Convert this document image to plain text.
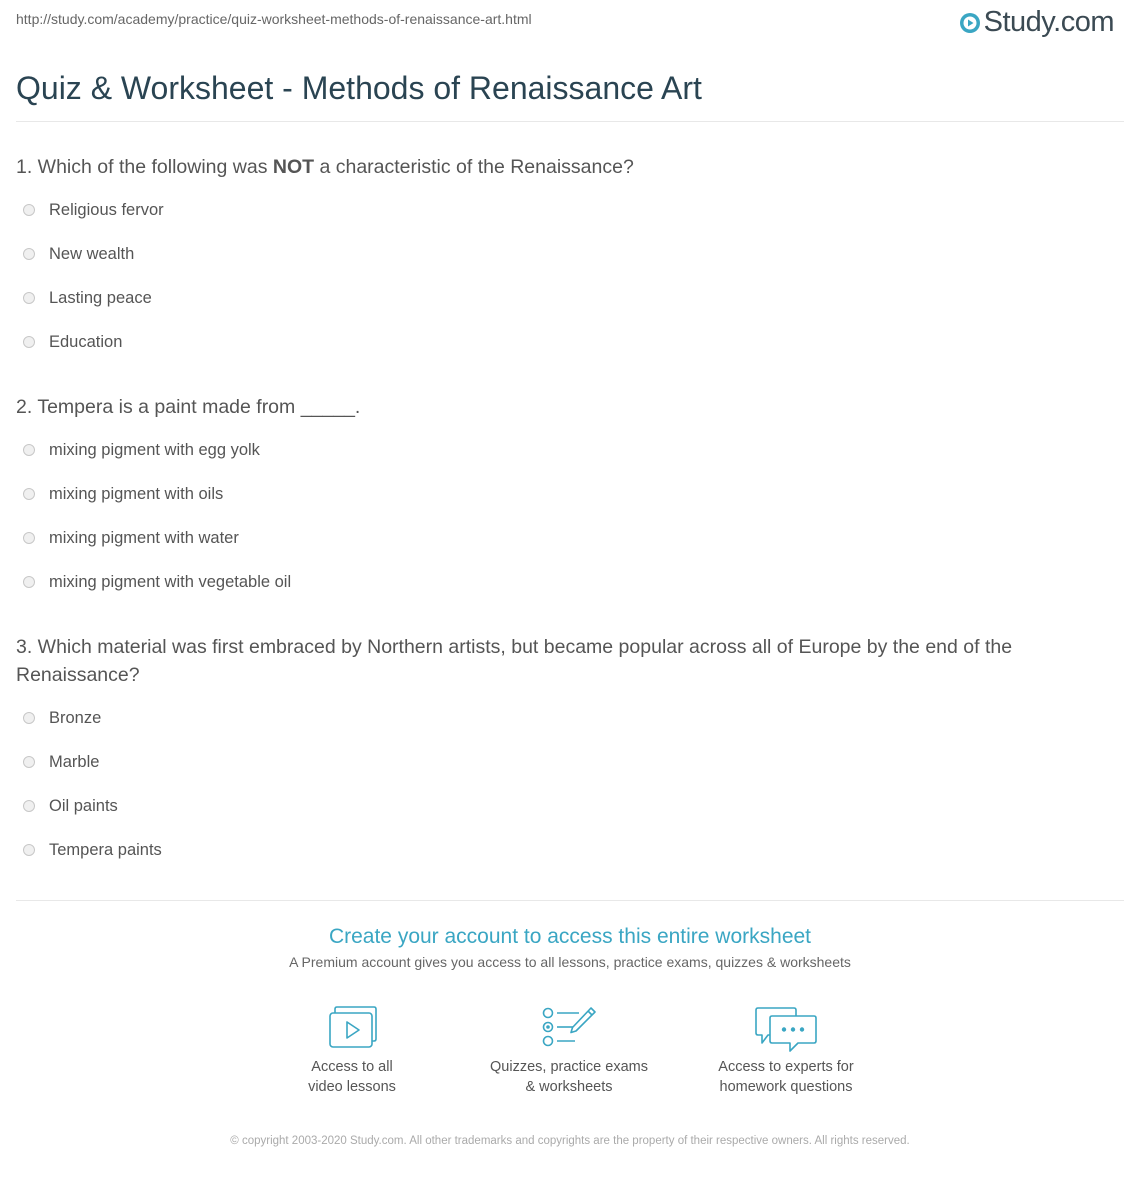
http://study.com/academy/practice/quiz-worksheet-methods-of-renaissance-art.html	Study.com
Quiz & Worksheet - Methods of Renaissance Art

1. Which of the following was NOT a characteristic of the Renaissance?

Religious fervor
New wealth
Lasting peace
Education

2. Tempera is a paint made from _____.

mixing pigment with egg yolk
mixing pigment with oils
mixing pigment with water
mixing pigment with vegetable oil

3. Which material was first embraced by Northern artists, but became popular across all of Europe by the end of the Renaissance?

Bronze
Marble
Oil paints
Tempera paints
Create your account to access this entire worksheet
A Premium account gives you access to all lessons, practice exams, quizzes & worksheets
Access to all
video lessons
Quizzes, practice exams
& worksheets
Access to experts for
homework questions
© copyright 2003-2020 Study.com. All other trademarks and copyrights are the property of their respective owners. All rights reserved.
